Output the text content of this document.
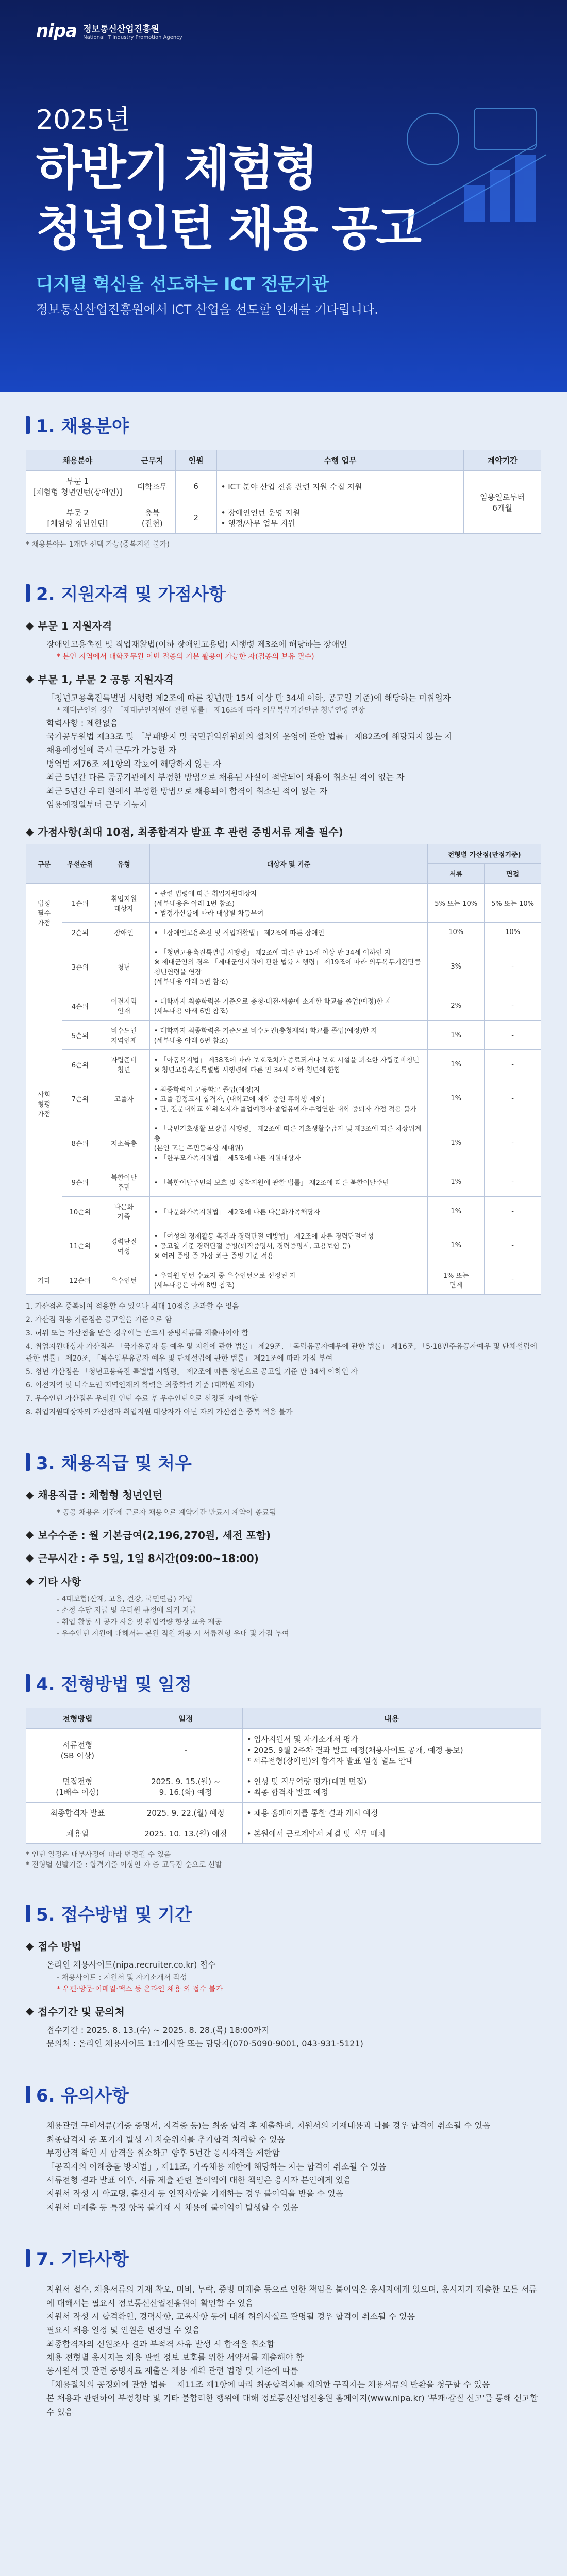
nipa 정보통신산업진흥원
National IT Industry Promotion Agency
2025년
하반기 체험형
청년인턴 채용 공고
디지털 혁신을 선도하는 ICT 전문기관
정보통신산업진흥원에서 ICT 산업을 선도할 인재를 기다립니다.
1. 채용분야
채용분야	근무지	인원	수행 업무	계약기간
부문 1
[체험형 청년인턴(장애인)]	대학조무	6	• ICT 분야 산업 진흥 관련 지원 수집 지원	임용일로부터
6개월
부문 2
[체험형 청년인턴]	충북
(진천)	2	• 장애인인턴 운영 지원
• 행정/사무 업무 지원	
* 채용분야는 1개만 선택 가능(중복지원 불가)
2. 지원자격 및 가점사항
◆ 부문 1 지원자격
장애인고용촉진 및 직업재활법(이하 장애인고용법) 시행령 제3조에 해당하는 장애인
* 본인 지역에서 대학조무원 이번 접종의 기본 활용이 가능한 자(접종의 보유 필수)
◆ 부문 1, 부문 2 공통 지원자격
「청년고용촉진특별법 시행령 제2조에 따른 청년(만 15세 이상 만 34세 이하, 공고일 기준)에 해당하는 미취업자
* 제대군인의 경우 「제대군인지원에 관한 법률」 제16조에 따라 의무복무기간만큼 청년연령 연장
학력사항 : 제한없음
국가공무원법 제33조 및 「부패방지 및 국민권익위원회의 설치와 운영에 관한 법률」 제82조에 해당되지 않는 자
채용예정일에 즉시 근무가 가능한 자
병역법 제76조 제1항의 각호에 해당하지 않는 자
최근 5년간 다른 공공기관에서 부정한 방법으로 채용된 사실이 적발되어 채용이 취소된 적이 없는 자
최근 5년간 우리 원에서 부정한 방법으로 채용되어 합격이 취소된 적이 없는 자
임용예정일부터 근무 가능자
◆ 가점사항(최대 10점, 최종합격자 발표 후 관련 증빙서류 제출 필수)
구분	우선순위	유형	대상자 및 기준	전형별 가산점(만점기준)	
				서류	면접
법정
필수
가점	1순위	취업지원
대상자	• 관련 법령에 따른 취업지원대상자
(세부내용은 아래 1번 참조)
• 법정가산률에 따라 대상별 차등부여	5% 또는 10%	5% 또는 10%
	2순위	장애인	• 「장애인고용촉진 및 직업재활법」 제2조에 따른 장애인	10%	10%
사회
형평
가점	3순위	청년	• 「청년고용촉진특별법 시행령」 제2조에 따른 만 15세 이상 만 34세 이하인 자
※ 제대군인의 경우 「제대군인지원에 관한 법률 시행령」 제19조에 따라 의무복무기간만큼 청년연령을 연장
(세부내용 아래 5번 참조)	3%	-
	4순위	이전지역
인재	• 대학까지 최종학력을 기준으로 충청·대전·세종에 소재한 학교를 졸업(예정)한 자
(세부내용 아래 6번 참조)	2%	-
	5순위	비수도권
지역인재	• 대학까지 최종학력을 기준으로 비수도권(충청제외) 학교를 졸업(예정)한 자
(세부내용 아래 6번 참조)	1%	-
	6순위	자립준비
청년	• 「아동복지법」 제38조에 따라 보호조치가 종료되거나 보호 시설을 퇴소한 자립준비청년
※ 청년고용촉진특별법 시행령에 따른 만 34세 이하 청년에 한함	1%	-
	7순위	고졸자	• 최종학력이 고등학교 졸업(예정)자
• 고졸 검정고시 합격자, (대학교에 재학 중인 휴학생 제외)
• 단, 전문대학교 학위소지자·졸업예정자·졸업유예자·수업연한 대학 중퇴자 가점 적용 불가	1%	-
	8순위	저소득층	• 「국민기초생활 보장법 시행령」 제2조에 따른 기초생활수급자 및 제3조에 따른 차상위계층
(본인 또는 주민등록상 세대원)
• 「한부모가족지원법」 제5조에 따른 지원대상자	1%	-
	9순위	북한이탈
주민	• 「북한이탈주민의 보호 및 정착지원에 관한 법률」 제2조에 따른 북한이탈주민	1%	-
	10순위	다문화
가족	• 「다문화가족지원법」 제2조에 따른 다문화가족해당자	1%	-
	11순위	경력단절
여성	• 「여성의 경제활동 촉진과 경력단절 예방법」 제2조에 따른 경력단절여성
• 공고일 기준 경력단절 증빙(퇴직증명서, 경력증명서, 고용보험 등)
※ 여러 증빙 중 가장 최근 증빙 기준 적용	1%	-
기타	12순위	우수인턴	• 우리원 인턴 수료자 중 우수인턴으로 선정된 자
(세부내용은 아래 8번 참조)	1% 또는
면제	-
1. 가산점은 중복하여 적용할 수 있으나 최대 10점을 초과할 수 없음
2. 가산점 적용 기준점은 공고일을 기준으로 함
3. 허위 또는 가산점을 받은 경우에는 반드시 증빙서류를 제출하여야 함
4. 취업지원대상자 가산점은 「국가유공자 등 예우 및 지원에 관한 법률」 제29조, 「독립유공자예우에 관한 법률」 제16조, 「5·18민주유공자예우 및 단체설립에 관한 법률」 제20조, 「특수임무유공자 예우 및 단체설립에 관한 법률」 제21조에 따라 가점 부여
5. 청년 가산점은 「청년고용촉진 특별법 시행령」 제2조에 따른 청년으로 공고일 기준 만 34세 이하인 자
6. 이전지역 및 비수도권 지역인재의 학력은 최종학력 기준 (대학원 제외)
7. 우수인턴 가산점은 우리원 인턴 수료 후 우수인턴으로 선정된 자에 한함
8. 취업지원대상자의 가산점과 취업지원 대상자가 아닌 자의 가산점은 중복 적용 불가
3. 채용직급 및 처우
◆ 채용직급 : 체험형 청년인턴
* 공공 채용은 기간제 근로자 채용으로 계약기간 만료시 계약이 종료됨
◆ 보수수준 : 월 기본급여(2,196,270원, 세전 포함)
◆ 근무시간 : 주 5일, 1일 8시간(09:00~18:00)
◆ 기타 사항
- 4대보험(산재, 고용, 건강, 국민연금) 가입
- 소정 수당 지급 및 우리원 규정에 의거 지급
- 취업 활동 시 공가 사용 및 취업역량 향상 교육 제공
- 우수인턴 지원에 대해서는 본원 직원 채용 시 서류전형 우대 및 가점 부여
4. 전형방법 및 일정
전형방법	일정	내용
서류전형
(SB 이상)	-	• 입사지원서 및 자기소개서 평가
• 2025. 9월 2주차 결과 발표 예정(채용사이트 공개, 예정 통보)
* 서류전형(장애인)의 합격자 발표 일정 별도 안내
면접전형
(1배수 이상)	2025. 9. 15.(월) ~
9. 16.(화) 예정	• 인성 및 직무역량 평가(대면 면접)
• 최종 합격자 발표 예정
최종합격자 발표	2025. 9. 22.(월) 예정	• 채용 홈페이지를 통한 결과 게시 예정
채용일	2025. 10. 13.(월) 예정	• 본원에서 근로계약서 체결 및 직무 배치
* 인턴 일정은 내부사정에 따라 변경될 수 있음
* 전형별 선발기준 : 합격기준 이상인 자 중 고득점 순으로 선발
5. 접수방법 및 기간
◆ 접수 방법
온라인 채용사이트(nipa.recruiter.co.kr) 접수
- 채용사이트 : 지원서 및 자기소개서 작성
* 우편·방문·이메일·팩스 등 온라인 채용 외 접수 불가
◆ 접수기간 및 문의처
접수기간 : 2025. 8. 13.(수) ~ 2025. 8. 28.(목) 18:00까지
문의처 : 온라인 채용사이트 1:1게시판 또는 담당자(070-5090-9001, 043-931-5121)
6. 유의사항
채용관련 구비서류(기증 증명서, 자격증 등)는 최종 합격 후 제출하며, 지원서의 기재내용과 다를 경우 합격이 취소될 수 있음
최종합격자 중 포기자 발생 시 차순위자를 추가합격 처리할 수 있음
부정합격 확인 시 합격을 취소하고 향후 5년간 응시자격을 제한함
「공직자의 이해충돌 방지법」, 제11조, 가족채용 제한에 해당하는 자는 합격이 취소될 수 있음
서류전형 결과 발표 이후, 서류 제출 관련 불이익에 대한 책임은 응시자 본인에게 있음
지원서 작성 시 학교명, 출신지 등 인적사항을 기재하는 경우 불이익을 받을 수 있음
지원서 미제출 등 특정 항목 불기재 시 채용에 불이익이 발생할 수 있음
7. 기타사항
지원서 접수, 채용서류의 기재 착오, 미비, 누락, 증빙 미제출 등으로 인한 책임은 불이익은 응시자에게 있으며, 응시자가 제출한 모든 서류에 대해서는 필요시 정보통신산업진흥원이 확인할 수 있음
지원서 작성 시 합격확인, 경력사항, 교육사항 등에 대해 허위사실로 판명될 경우 합격이 취소될 수 있음
필요시 채용 일정 및 인원은 변경될 수 있음
최종합격자의 신원조사 결과 부적격 사유 발생 시 합격을 취소함
채용 전형별 응시자는 채용 관련 정보 보호를 위한 서약서를 제출해야 함
응시원서 및 관련 증빙자료 제출은 채용 계획 관련 법령 및 기준에 따름
「채용절차의 공정화에 관한 법률」 제11조 제1항에 따라 최종합격자를 제외한 구직자는 채용서류의 반환을 청구할 수 있음
본 채용과 관련하여 부정청탁 및 기타 불합리한 행위에 대해 정보통신산업진흥원 홈페이지(www.nipa.kr) '부패·갑질 신고'를 통해 신고할 수 있음
